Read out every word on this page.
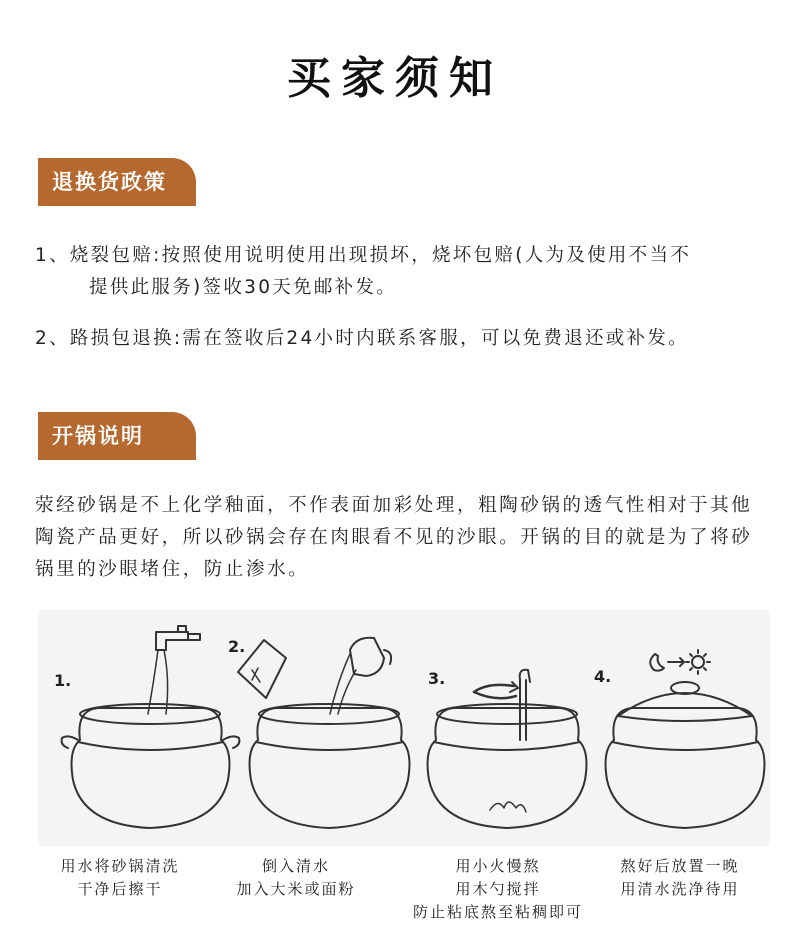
买家须知
退换货政策
1、烧裂包赔:按照使用说明使用出现损坏，烧坏包赔(人为及使用不当不
提供此服务)签收30天免邮补发。
2、路损包退换:需在签收后24小时内联系客服，可以免费退还或补发。
开锅说明
荥经砂锅是不上化学釉面，不作表面加彩处理，粗陶砂锅的透气性相对于其他陶瓷产品更好，所以砂锅会存在肉眼看不见的沙眼。开锅的目的就是为了将砂锅里的沙眼堵住，防止渗水。
1.
2.
3.	4.
用水将砂锅清洗
干净后擦干
倒入清水
加入大米或面粉
用小火慢熬
用木勺搅拌
防止粘底熬至粘稠即可
熬好后放置一晚
用清水洗净待用
